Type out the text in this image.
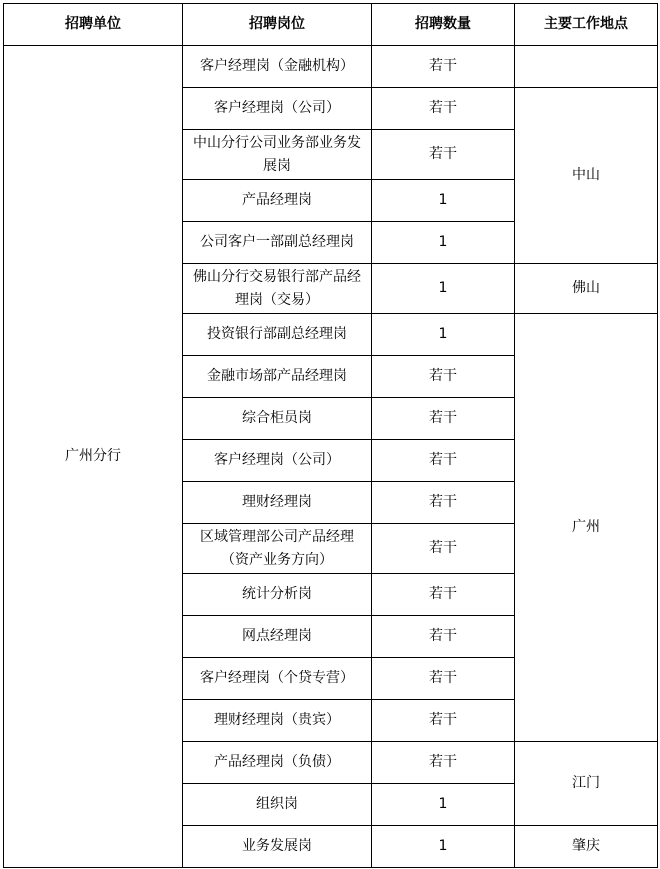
招聘单位	招聘岗位	招聘数量	主要工作地点
广州分行	客户经理岗（金融机构）	若干	
	客户经理岗（公司）	若干	中山
	中山分行公司业务部业务发展岗	若干	
	产品经理岗	1	
	公司客户一部副总经理岗	1	
	佛山分行交易银行部产品经理岗（交易）	1	佛山
	投资银行部副总经理岗	1	广州
	金融市场部产品经理岗	若干	
	综合柜员岗	若干	
	客户经理岗（公司）	若干	
	理财经理岗	若干	
	区域管理部公司产品经理（资产业务方向）	若干	
	统计分析岗	若干	
	网点经理岗	若干	
	客户经理岗（个贷专营）	若干	
	理财经理岗（贵宾）	若干	
	产品经理岗（负债）	若干	江门
	组织岗	1	
	业务发展岗	1	肇庆
